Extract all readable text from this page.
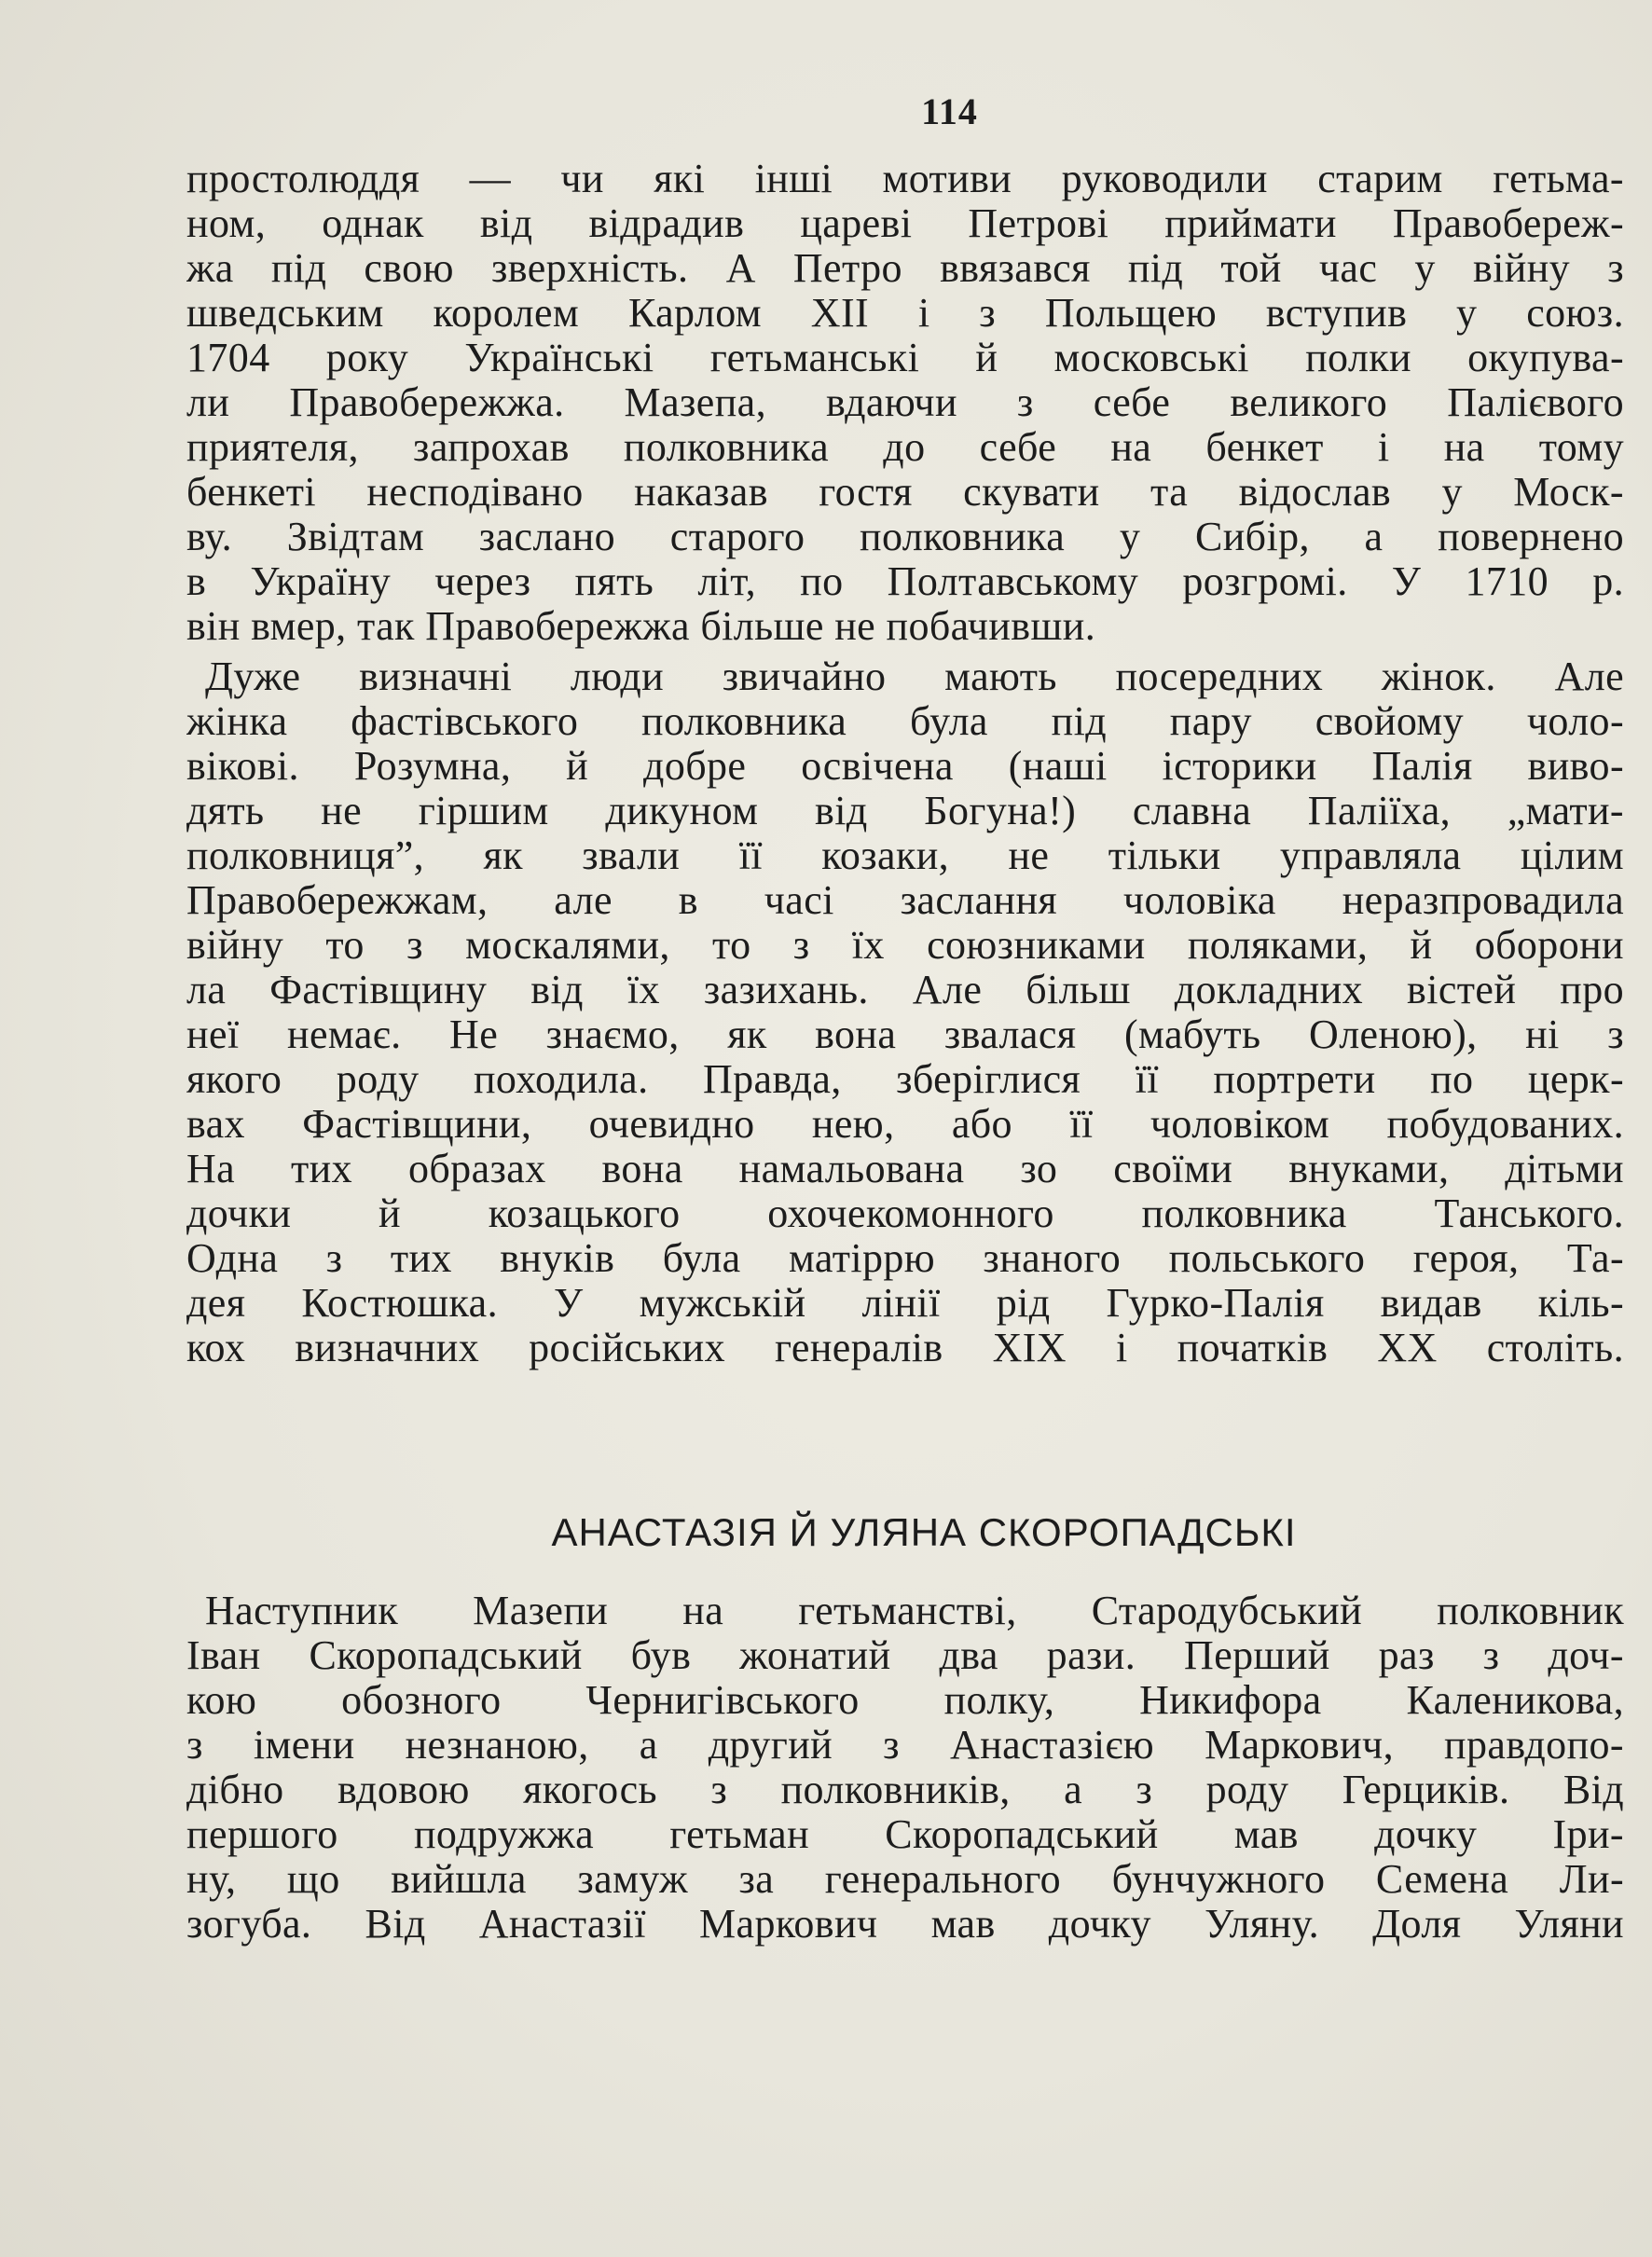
114
простолюддя — чи які інші мотиви руководили старим гетьма-
ном, однак від відрадив цареві Петрові приймати Правобереж-
жа під свою зверхність. А Петро ввязався під той час у війну з
шведським королем Карлом XII і з Польщею вступив у союз.
1704 року Українські гетьманські й московські полки окупува-
ли Правобережжа. Мазепа, вдаючи з себе великого Палієвого
приятеля, запрохав полковника до себе на бенкет і на тому
бенкеті несподівано наказав гостя скувати та відослав у Моск-
ву. Звідтам заслано старого полковника у Сибір, а повернено
в Україну через пять літ, по Полтавському розгромі. У 1710 р.
він вмер, так Правобережжа більше не побачивши.
Дуже визначні люди звичайно мають посередних жінок. Але
жінка фастівського полковника була під пару свойому чоло-
вікові. Розумна, й добре освічена (наші історики Палія виво-
дять не гіршим дикуном від Богуна!) славна Паліїха, „мати-
полковниця”, як звали її козаки, не тільки управляла цілим
Правобережжам, але в часі заслання чоловіка неразпровадила
війну то з москалями, то з їх союзниками поляками, й оборони
ла Фастівщину від їх зазихань. Але більш докладних вістей про
неї немає. Не знаємо, як вона звалася (мабуть Оленою), ні з
якого роду походила. Правда, зберіглися її портрети по церк-
вах Фастівщини, очевидно нею, або її чоловіком побудованих.
На тих образах вона намальована зо своїми внуками, дітьми
дочки й козацького охочекомонного полковника Танського.
Одна з тих внуків була матіррю знаного польського героя, Та-
дея Костюшка. У мужській лінії рід Гурко-Палія видав кіль-
кох визначних російських генералів XIX і початків XX століть.
АНАСТАЗІЯ Й УЛЯНА СКОРОПАДСЬКІ
Наступник Мазепи на гетьманстві, Стародубський полковник
Іван Скоропадський був жонатий два рази. Перший раз з доч-
кою обозного Чернигівського полку, Никифора Каленикова,
з імени незнаною, а другий з Анастазією Маркович, правдопо-
дібно вдовою якогось з полковників, а з роду Герциків. Від
першого подружжа гетьман Скоропадський мав дочку Іри-
ну, що вийшла замуж за генерального бунчужного Семена Ли-
зогуба. Від Анастазії Маркович мав дочку Уляну. Доля Уляни
